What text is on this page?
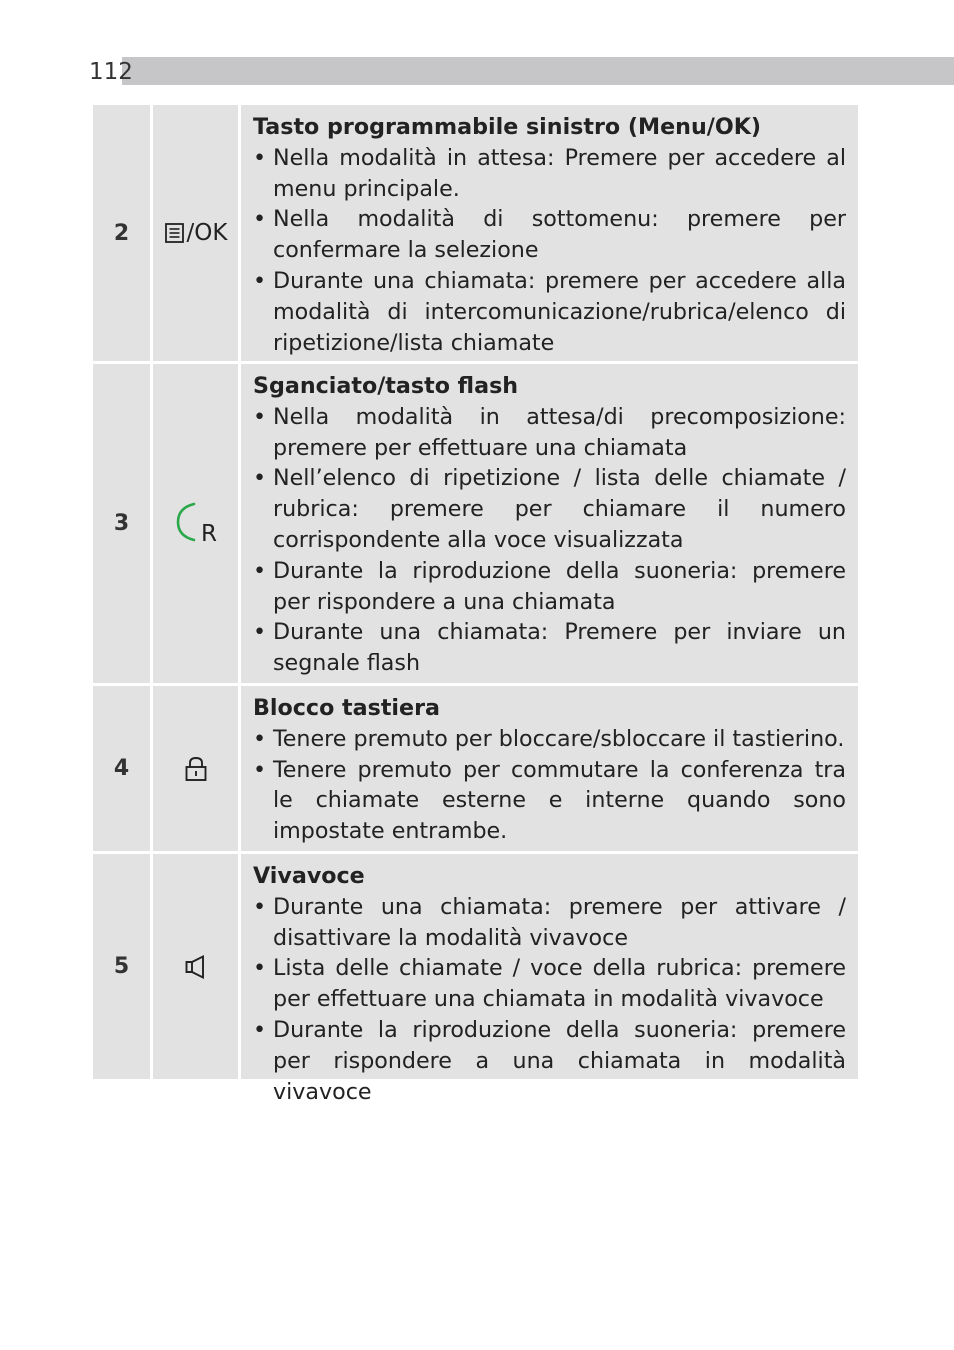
112
2	/OK
Tasto programmabile sinistro (Menu/OK)
• Nella modalità in attesa: Premere per accedere al menu principale.
• Nella modalità di sottomenu: premere per confermare la selezione
• Durante una chiamata: premere per accedere alla modalità di intercomunicazione/rubrica/elenco di ripetizione/lista chiamate
3	R
Sganciato/tasto flash
• Nella modalità in attesa/di precomposizione: premere per effettuare una chiamata
• Nell’elenco di ripetizione / lista delle chiamate / rubrica: premere per chiamare il numero corrispondente alla voce visualizzata
• Durante la riproduzione della suoneria: premere per rispondere a una chiamata
• Durante una chiamata: Premere per inviare un segnale flash
4
Blocco tastiera
• Tenere premuto per bloccare/sbloccare il tastierino.
• Tenere premuto per commutare la conferenza tra le chiamate esterne e interne quando sono impostate entrambe.
5
Vivavoce
• Durante una chiamata: premere per attivare / disattivare la modalità vivavoce
• Lista delle chiamate / voce della rubrica: premere per effettuare una chiamata in modalità vivavoce
• Durante la riproduzione della suoneria: premere per rispondere a una chiamata in modalità vivavoce
